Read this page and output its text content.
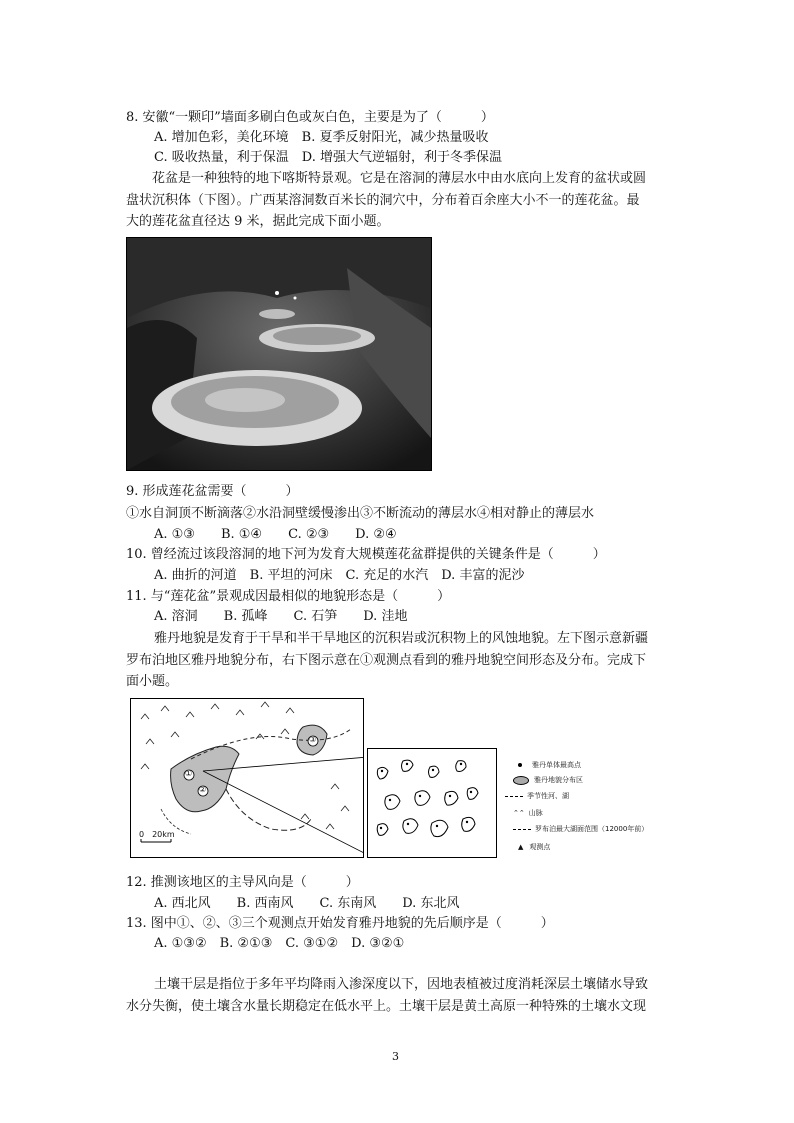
8. 安徽“一颗印”墙面多刷白色或灰白色，主要是为了（　　　）
A. 增加色彩，美化环境　B. 夏季反射阳光，减少热量吸收
C. 吸收热量，利于保温　D. 增强大气逆辐射，利于冬季保温
花盆是一种独特的地下喀斯特景观。它是在溶洞的薄层水中由水底向上发育的盆状或圆
盘状沉积体（下图）。广西某溶洞数百米长的洞穴中，分布着百余座大小不一的莲花盆。最
大的莲花盆直径达 9 米，据此完成下面小题。
9. 形成莲花盆需要（　　　）
①水自洞顶不断滴落②水沿洞壁缓慢渗出③不断流动的薄层水④相对静止的薄层水
A. ①③　　B. ①④　　C. ②③　　D. ②④
10. 曾经流过该段溶洞的地下河为发育大规模莲花盆群提供的关键条件是（　　　）
A. 曲折的河道　B. 平坦的河床　C. 充足的水汽　D. 丰富的泥沙
11. 与“莲花盆”景观成因最相似的地貌形态是（　　　）
A. 溶洞　　B. 孤峰　　C. 石笋　　D. 洼地
雅丹地貌是发育于干旱和半干旱地区的沉积岩或沉积物上的风蚀地貌。左下图示意新疆
罗布泊地区雅丹地貌分布，右下图示意在①观测点看到的雅丹地貌空间形态及分布。完成下
面小题。
①
②
③
0　20km
雅丹单体最高点
雅丹地貌分布区
季节性河、湖
⌃⌃ 山脉
罗布泊最大湖面范围（12000年前）
▲ 观测点
12. 推测该地区的主导风向是（　　　）
A. 西北风　　B. 西南风　　C. 东南风　　D. 东北风
13. 图中①、②、③三个观测点开始发育雅丹地貌的先后顺序是（　　　）
A. ①③②　B. ②①③　C. ③①②　D. ③②①
土壤干层是指位于多年平均降雨入渗深度以下，因地表植被过度消耗深层土壤储水导致
水分失衡，使土壤含水量长期稳定在低水平上。土壤干层是黄土高原一种特殊的土壤水文现
3
